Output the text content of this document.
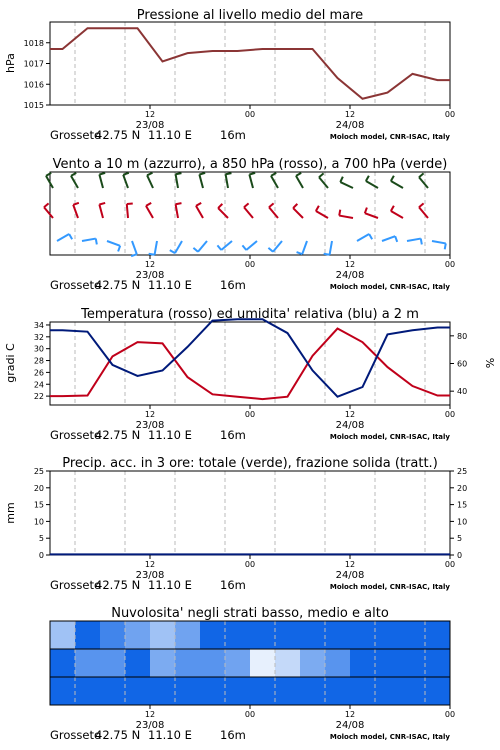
Pressione al livello medio del mare
hPa
1018
1017
1016
1015
12	00	12	00
23/08	24/08
Grosseto
42.75 N 11.10 E 16m	Moloch model, CNR-ISAC, Italy
Vento a 10 m (azzurro), a 850 hPa (rosso), a 700 hPa (verde)
12	00	12	00
23/08	24/08
Grosseto
42.75 N 11.10 E 16m	Moloch model, CNR-ISAC, Italy
Temperatura (rosso) ed umidita' relativa (blu) a 2 m
gradi C	%
34
32
30
28
26
24
22
80
60
40
12	00	12	00
23/08	24/08
Grosseto
42.75 N 11.10 E 16m	Moloch model, CNR-ISAC, Italy
Precip. acc. in 3 ore: totale (verde), frazione solida (tratt.)
mm
25	25
20	20
15	15
10	10
5	5
0	0
12	00	12	00
23/08	24/08
Grosseto
42.75 N 11.10 E 16m	Moloch model, CNR-ISAC, Italy
Nuvolosita' negli strati basso, medio e alto
12	00	12	00
23/08	24/08
Grosseto
42.75 N 11.10 E 16m	Moloch model, CNR-ISAC, Italy
